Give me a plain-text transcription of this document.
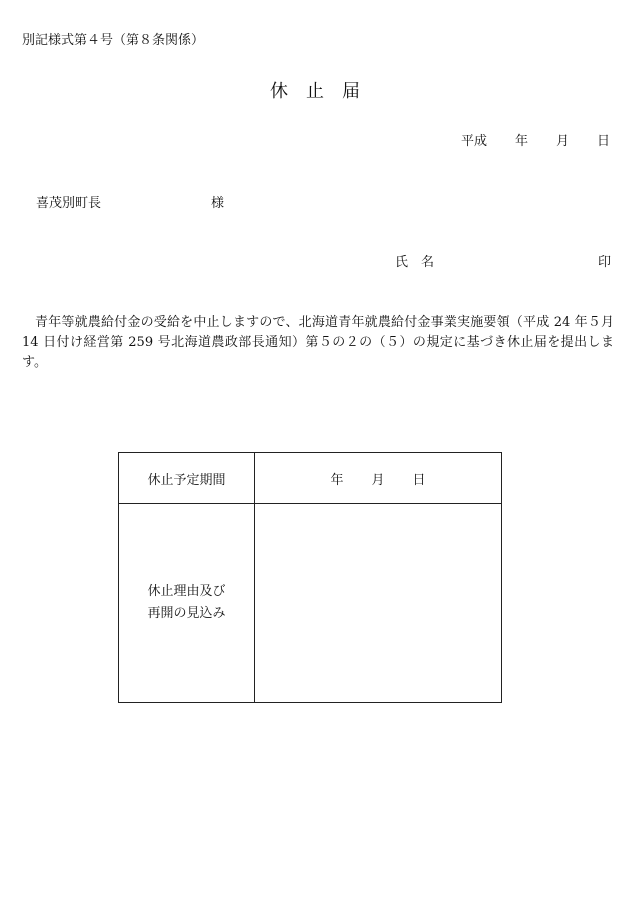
別記様式第４号（第８条関係）
休　止　届
平成 年 月 日
喜茂別町長	様
氏　名	印
青年等就農給付金の受給を中止しますので、北海道青年就農給付金事業実施要領（平成 24 年５月 14 日付け経営第 259 号北海道農政部長通知）第５の２の（５）の規定に基づき休止届を提出します。
休止予定期間	年 月 日
休止理由及び
再開の見込み	
